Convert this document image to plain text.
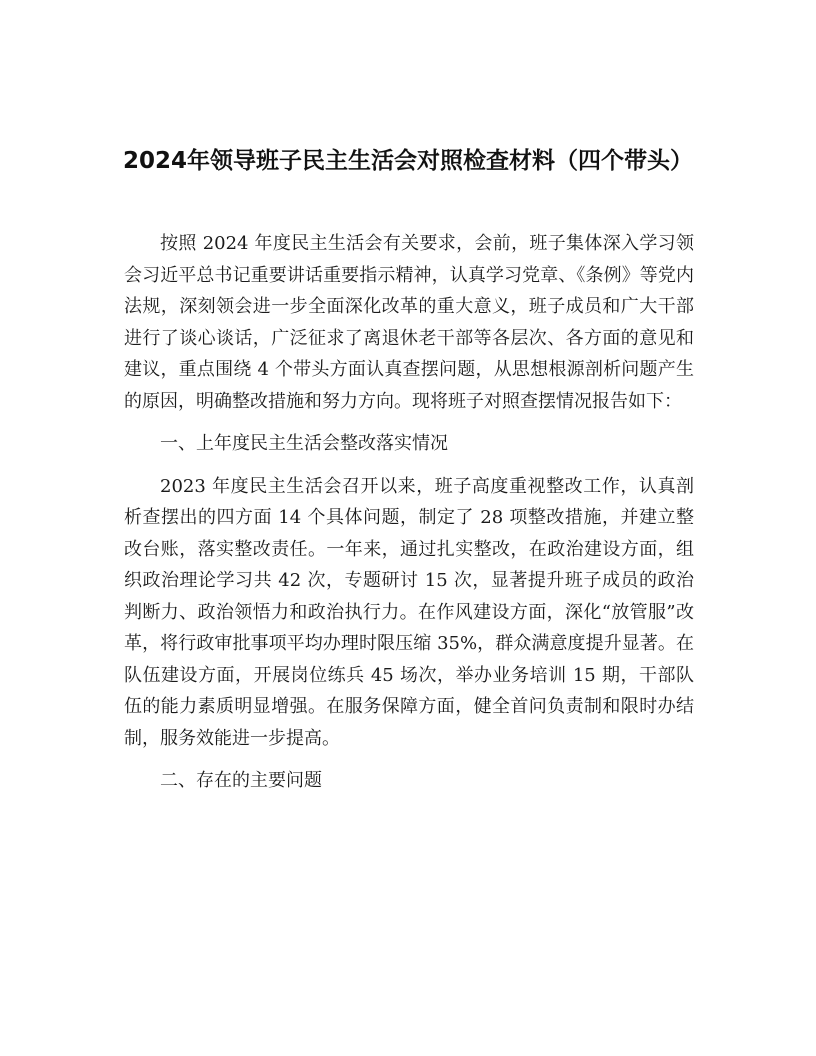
2024年领导班子民主生活会对照检查材料（四个带头）

按照 2024 年度民主生活会有关要求，会前，班子集体深入学习领会习近平总书记重要讲话重要指示精神，认真学习党章、《条例》等党内法规，深刻领会进一步全面深化改革的重大意义，班子成员和广大干部进行了谈心谈话，广泛征求了离退休老干部等各层次、各方面的意见和建议，重点围绕 4 个带头方面认真查摆问题，从思想根源剖析问题产生的原因，明确整改措施和努力方向。现将班子对照查摆情况报告如下：

一、上年度民主生活会整改落实情况

2023 年度民主生活会召开以来，班子高度重视整改工作，认真剖析查摆出的四方面 14 个具体问题，制定了 28 项整改措施，并建立整改台账，落实整改责任。一年来，通过扎实整改，在政治建设方面，组织政治理论学习共 42 次，专题研讨 15 次，显著提升班子成员的政治判断力、政治领悟力和政治执行力。在作风建设方面，深化“放管服”改革，将行政审批事项平均办理时限压缩 35%，群众满意度提升显著。在队伍建设方面，开展岗位练兵 45 场次，举办业务培训 15 期，干部队伍的能力素质明显增强。在服务保障方面，健全首问负责制和限时办结制，服务效能进一步提高。

二、存在的主要问题
